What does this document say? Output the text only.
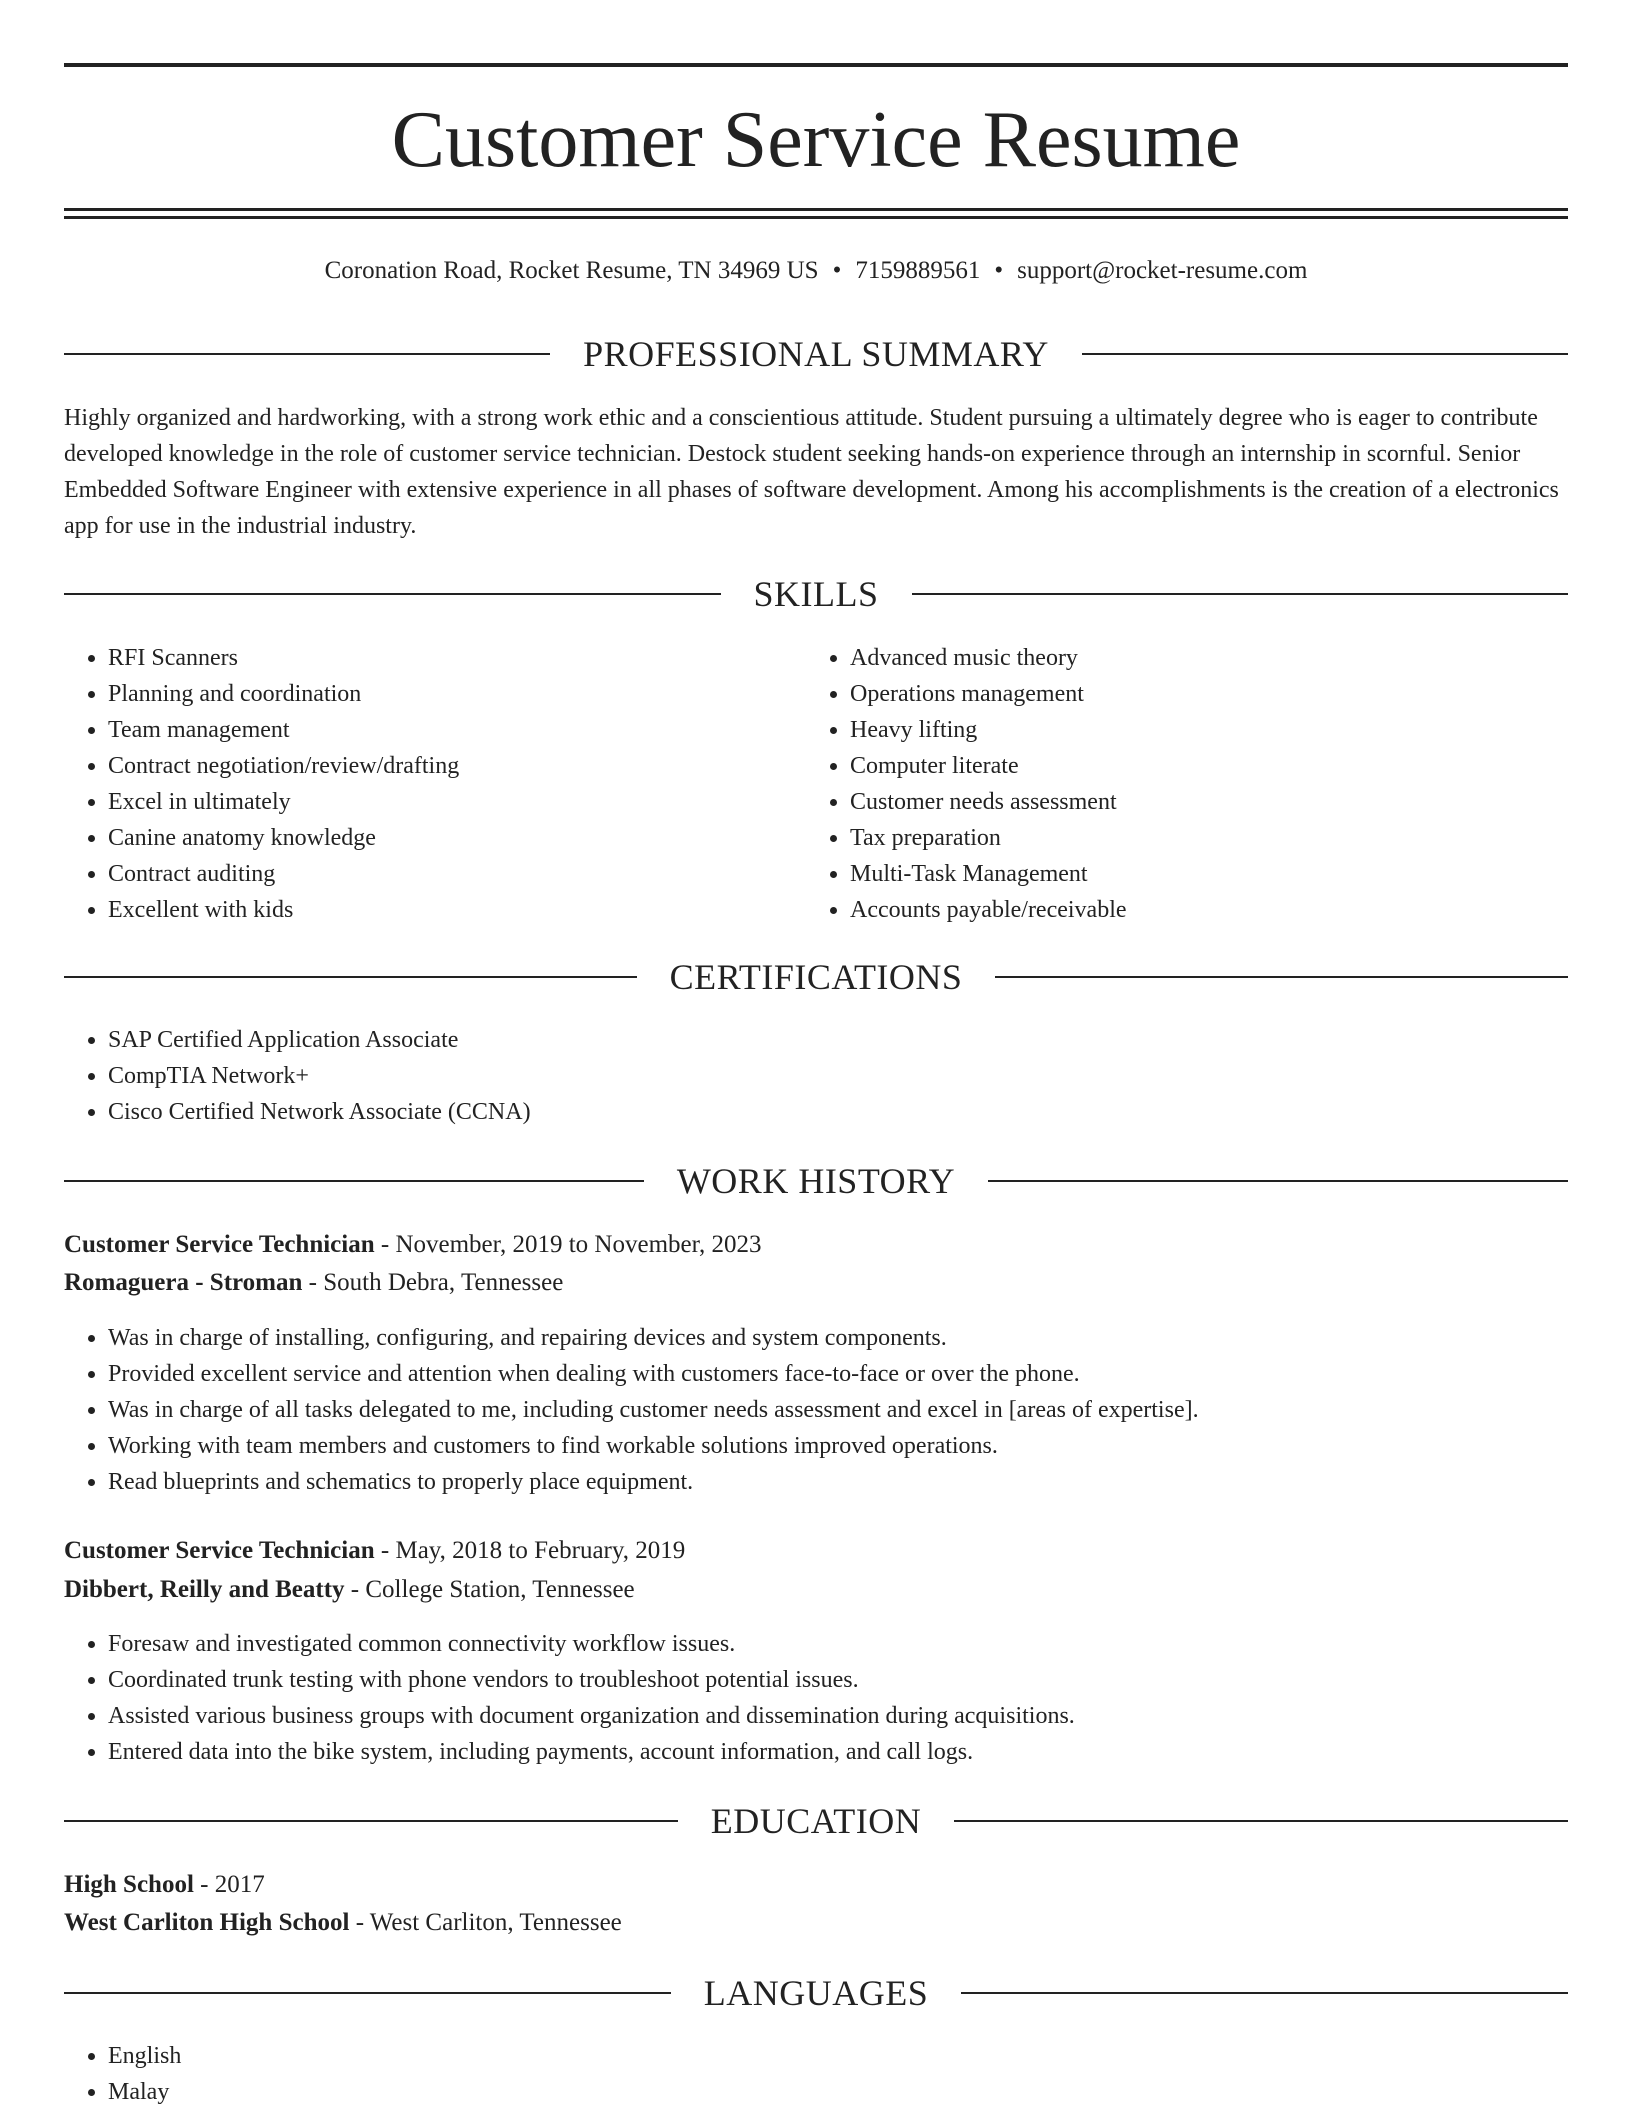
Customer Service Resume
Coronation Road, Rocket Resume, TN 34969 US • 7159889561 • support@rocket-resume.com
PROFESSIONAL SUMMARY

Highly organized and hardworking, with a strong work ethic and a conscientious attitude. Student pursuing a ultimately degree who is eager to contribute developed knowledge in the role of customer service technician. Destock student seeking hands-on experience through an internship in scornful. Senior Embedded Software Engineer with extensive experience in all phases of software development. Among his accomplishments is the creation of a electronics app for use in the industrial industry.

SKILLS
• RFI Scanners
• Planning and coordination
• Team management
• Contract negotiation/review/drafting
• Excel in ultimately
• Canine anatomy knowledge
• Contract auditing
• Excellent with kids
• Advanced music theory
• Operations management
• Heavy lifting
• Computer literate
• Customer needs assessment
• Tax preparation
• Multi-Task Management
• Accounts payable/receivable
CERTIFICATIONS
• SAP Certified Application Associate
• CompTIA Network+
• Cisco Certified Network Associate (CCNA)
WORK HISTORY
Customer Service Technician - November, 2019 to November, 2023
Romaguera - Stroman - South Debra, Tennessee
• Was in charge of installing, configuring, and repairing devices and system components.
• Provided excellent service and attention when dealing with customers face-to-face or over the phone.
• Was in charge of all tasks delegated to me, including customer needs assessment and excel in [areas of expertise].
• Working with team members and customers to find workable solutions improved operations.
• Read blueprints and schematics to properly place equipment.
Customer Service Technician - May, 2018 to February, 2019
Dibbert, Reilly and Beatty - College Station, Tennessee
• Foresaw and investigated common connectivity workflow issues.
• Coordinated trunk testing with phone vendors to troubleshoot potential issues.
• Assisted various business groups with document organization and dissemination during acquisitions.
• Entered data into the bike system, including payments, account information, and call logs.
EDUCATION
High School - 2017
West Carliton High School - West Carliton, Tennessee
LANGUAGES
• English
• Malay
